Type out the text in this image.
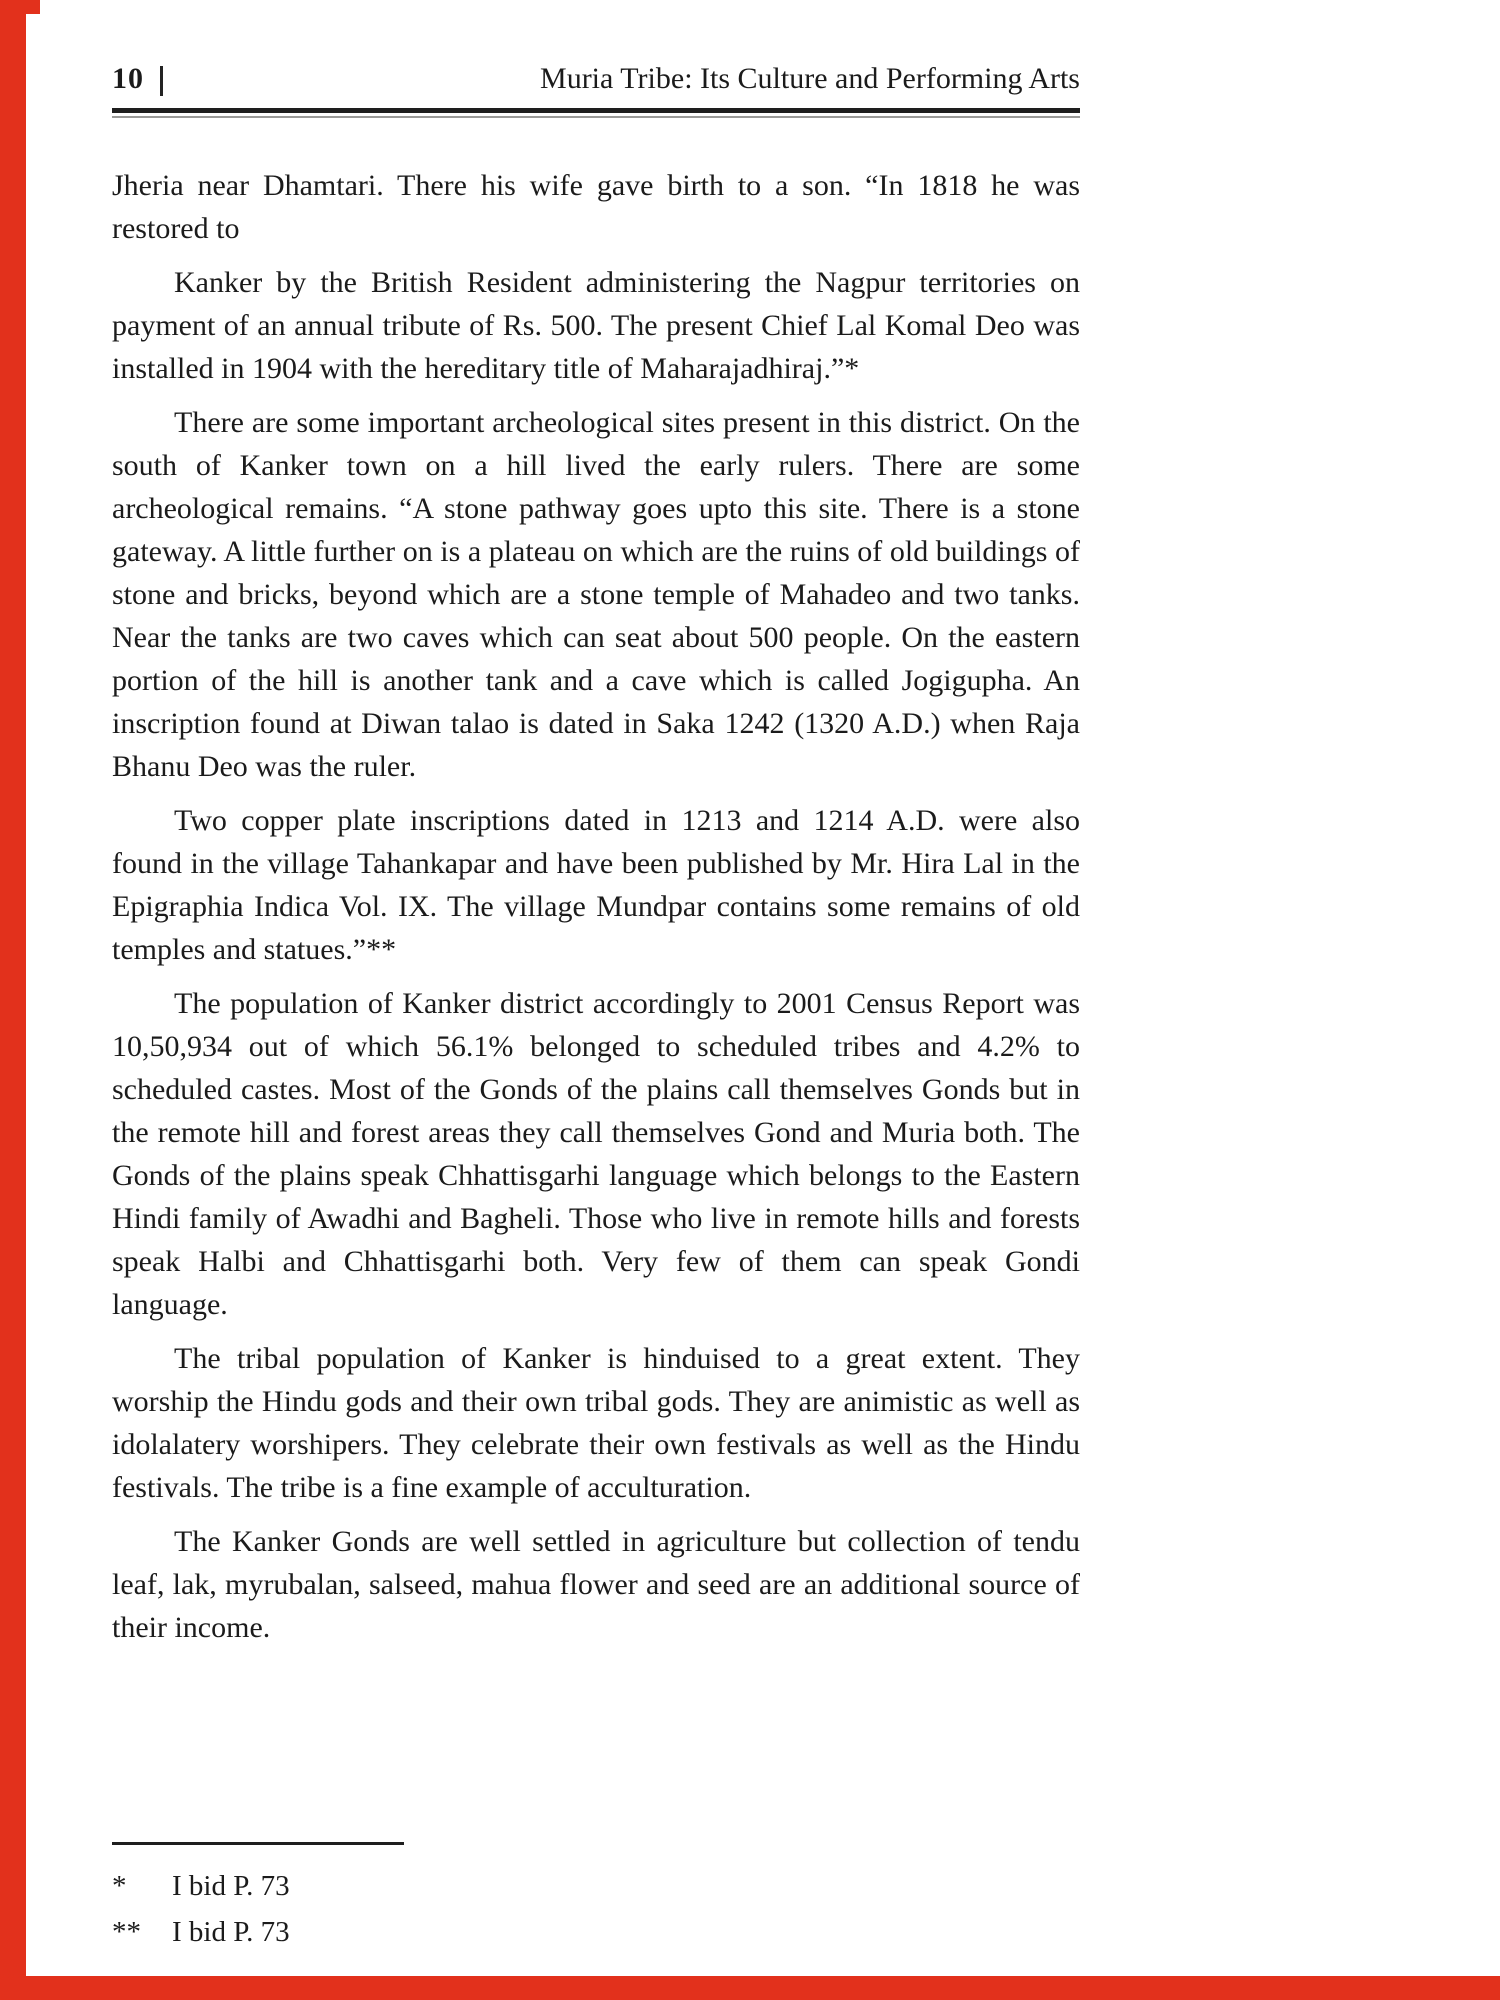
10	Muria Tribe: Its Culture and Performing Arts

Jheria near Dhamtari. There his wife gave birth to a son. “In 1818 he was restored to

Kanker by the British Resident administering the Nagpur territories on payment of an annual tribute of Rs. 500. The present Chief Lal Komal Deo was installed in 1904 with the hereditary title of Maharajadhiraj.”*

There are some important archeological sites present in this district. On the south of Kanker town on a hill lived the early rulers. There are some archeological remains. “A stone pathway goes upto this site. There is a stone gateway. A little further on is a plateau on which are the ruins of old buildings of stone and bricks, beyond which are a stone temple of Mahadeo and two tanks. Near the tanks are two caves which can seat about 500 people. On the eastern portion of the hill is another tank and a cave which is called Jogigupha. An inscription found at Diwan talao is dated in Saka 1242 (1320 A.D.) when Raja Bhanu Deo was the ruler.

Two copper plate inscriptions dated in 1213 and 1214 A.D. were also found in the village Tahankapar and have been published by Mr. Hira Lal in the Epigraphia Indica Vol. IX. The village Mundpar contains some remains of old temples and statues.”**

The population of Kanker district accordingly to 2001 Census Report was 10,50,934 out of which 56.1% belonged to scheduled tribes and 4.2% to scheduled castes. Most of the Gonds of the plains call themselves Gonds but in the remote hill and forest areas they call themselves Gond and Muria both. The Gonds of the plains speak Chhattisgarhi language which belongs to the Eastern Hindi family of Awadhi and Bagheli. Those who live in remote hills and forests speak Halbi and Chhattisgarhi both. Very few of them can speak Gondi language.

The tribal population of Kanker is hinduised to a great extent. They worship the Hindu gods and their own tribal gods. They are animistic as well as idolalatery worshipers. They celebrate their own festivals as well as the Hindu festivals. The tribe is a fine example of acculturation.

The Kanker Gonds are well settled in agriculture but collection of tendu leaf, lak, myrubalan, salseed, mahua flower and seed are an additional source of their income.

*	I bid P. 73
**	I bid P. 73
